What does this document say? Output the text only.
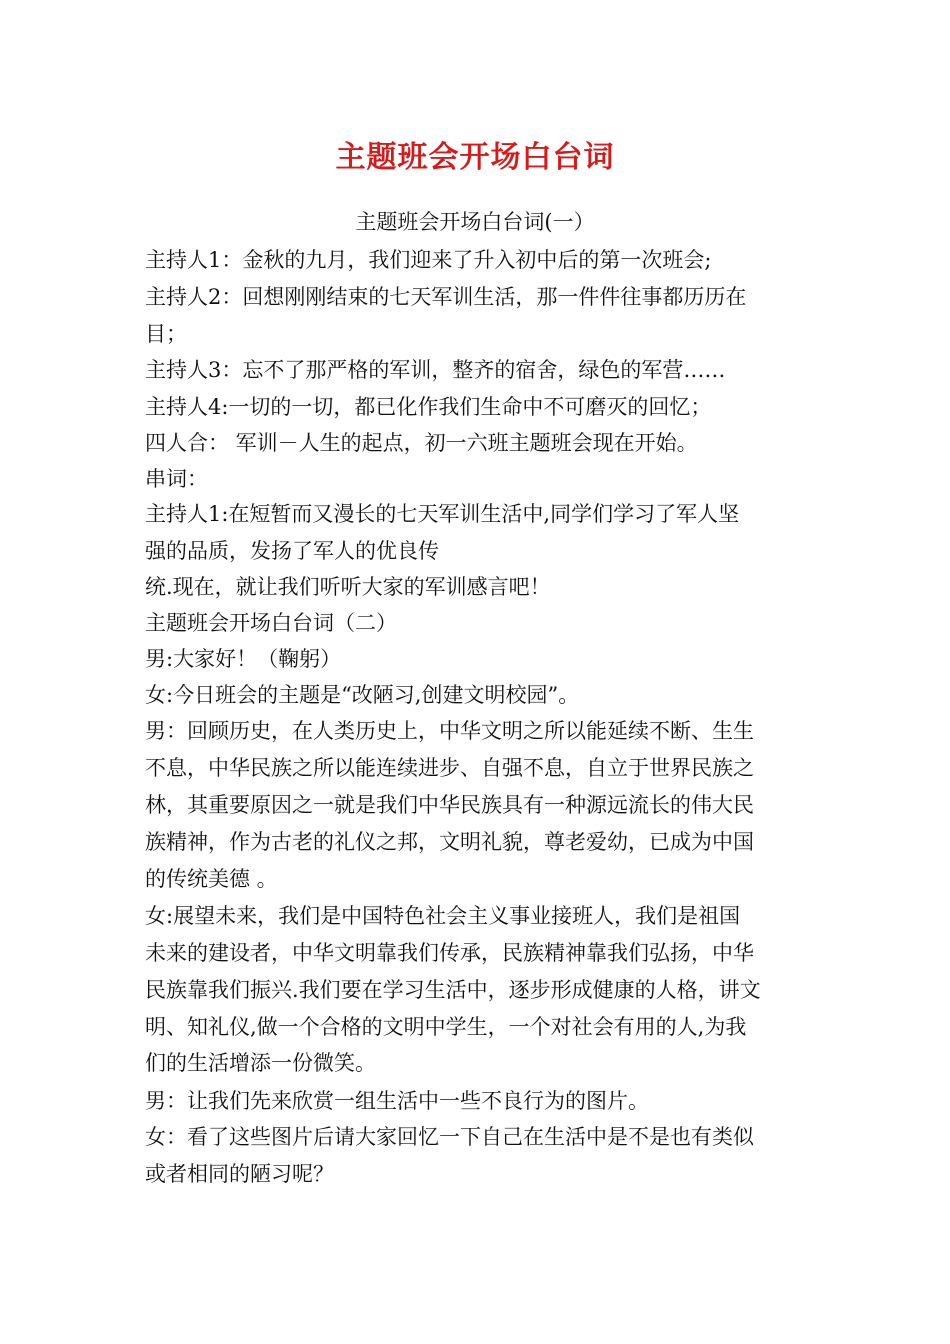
主题班会开场白台词
主题班会开场白台词(一）
主持人1：金秋的九月，我们迎来了升入初中后的第一次班会;
主持人2：回想刚刚结束的七天军训生活，那一件件往事都历历在
目；
主持人3：忘不了那严格的军训，整齐的宿舍，绿色的军营……
主持人4:一切的一切，都已化作我们生命中不可磨灭的回忆；
四人合： 军训－人生的起点，初一六班主题班会现在开始。
串词：
主持人1:在短暂而又漫长的七天军训生活中,同学们学习了军人坚
强的品质，发扬了军人的优良传
统.现在，就让我们听听大家的军训感言吧！
主题班会开场白台词（二）
男:大家好！（鞠躬）
女:今日班会的主题是“改陋习,创建文明校园”。
男：回顾历史，在人类历史上，中华文明之所以能延续不断、生生
不息，中华民族之所以能连续进步、自强不息，自立于世界民族之
林，其重要原因之一就是我们中华民族具有一种源远流长的伟大民
族精神，作为古老的礼仪之邦，文明礼貌，尊老爱幼，已成为中国
的传统美德 。
女:展望未来，我们是中国特色社会主义事业接班人，我们是祖国
未来的建设者，中华文明靠我们传承，民族精神靠我们弘扬，中华
民族靠我们振兴.我们要在学习生活中，逐步形成健康的人格，讲文
明、知礼仪,做一个合格的文明中学生，一个对社会有用的人,为我
们的生活增添一份微笑。
男：让我们先来欣赏一组生活中一些不良行为的图片。
女：看了这些图片后请大家回忆一下自己在生活中是不是也有类似
或者相同的陋习呢？
